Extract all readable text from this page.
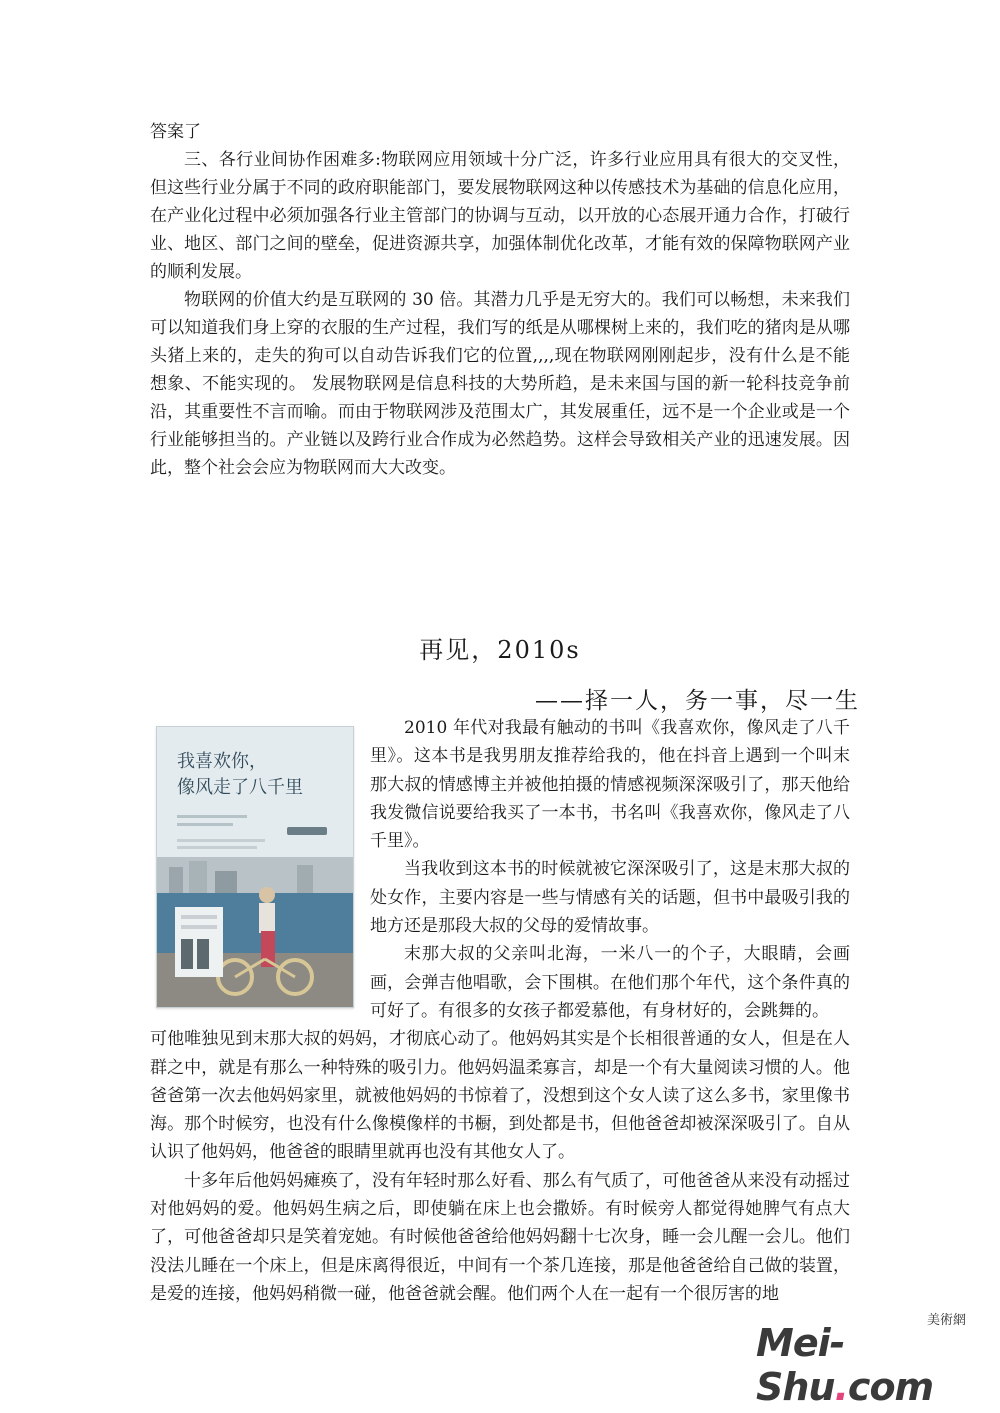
答案了

三、各行业间协作困难多:物联网应用领域十分广泛，许多行业应用具有很大的交叉性，但这些行业分属于不同的政府职能部门，要发展物联网这种以传感技术为基础的信息化应用，在产业化过程中必须加强各行业主管部门的协调与互动，以开放的心态展开通力合作，打破行业、地区、部门之间的壁垒，促进资源共享，加强体制优化改革，才能有效的保障物联网产业的顺利发展。

物联网的价值大约是互联网的 30 倍。其潜力几乎是无穷大的。我们可以畅想，未来我们可以知道我们身上穿的衣服的生产过程，我们写的纸是从哪棵树上来的，我们吃的猪肉是从哪头猪上来的，走失的狗可以自动告诉我们它的位置,,,,现在物联网刚刚起步，没有什么是不能想象、不能实现的。 发展物联网是信息科技的大势所趋，是未来国与国的新一轮科技竞争前沿，其重要性不言而喻。而由于物联网涉及范围太广，其发展重任，远不是一个企业或是一个行业能够担当的。产业链以及跨行业合作成为必然趋势。这样会导致相关产业的迅速发展。因此，整个社会会应为物联网而大大改变。

再见，2010s
——择一人，务一事，尽一生
我喜欢你，
像风走了八千里

2010 年代对我最有触动的书叫《我喜欢你，像风走了八千里》。这本书是我男朋友推荐给我的，他在抖音上遇到一个叫末那大叔的情感博主并被他拍摄的情感视频深深吸引了，那天他给我发微信说要给我买了一本书，书名叫《我喜欢你，像风走了八千里》。

当我收到这本书的时候就被它深深吸引了，这是末那大叔的处女作，主要内容是一些与情感有关的话题，但书中最吸引我的地方还是那段大叔的父母的爱情故事。

末那大叔的父亲叫北海，一米八一的个子，大眼睛，会画画，会弹吉他唱歌，会下围棋。在他们那个年代，这个条件真的可好了。有很多的女孩子都爱慕他，有身材好的，会跳舞的。

可他唯独见到末那大叔的妈妈，才彻底心动了。他妈妈其实是个长相很普通的女人，但是在人群之中，就是有那么一种特殊的吸引力。他妈妈温柔寡言，却是一个有大量阅读习惯的人。他爸爸第一次去他妈妈家里，就被他妈妈的书惊着了，没想到这个女人读了这么多书，家里像书海。那个时候穷，也没有什么像模像样的书橱，到处都是书，但他爸爸却被深深吸引了。自从认识了他妈妈，他爸爸的眼睛里就再也没有其他女人了。

十多年后他妈妈瘫痪了，没有年轻时那么好看、那么有气质了，可他爸爸从来没有动摇过对他妈妈的爱。他妈妈生病之后，即使躺在床上也会撒娇。有时候旁人都觉得她脾气有点大了，可他爸爸却只是笑着宠她。有时候他爸爸给他妈妈翻十七次身，睡一会儿醒一会儿。他们没法儿睡在一个床上，但是床离得很近，中间有一个茶几连接，那是他爸爸给自己做的装置，是爱的连接，他妈妈稍微一碰，他爸爸就会醒。他们两个人在一起有一个很厉害的地

美術網
Mei-Shu.com
